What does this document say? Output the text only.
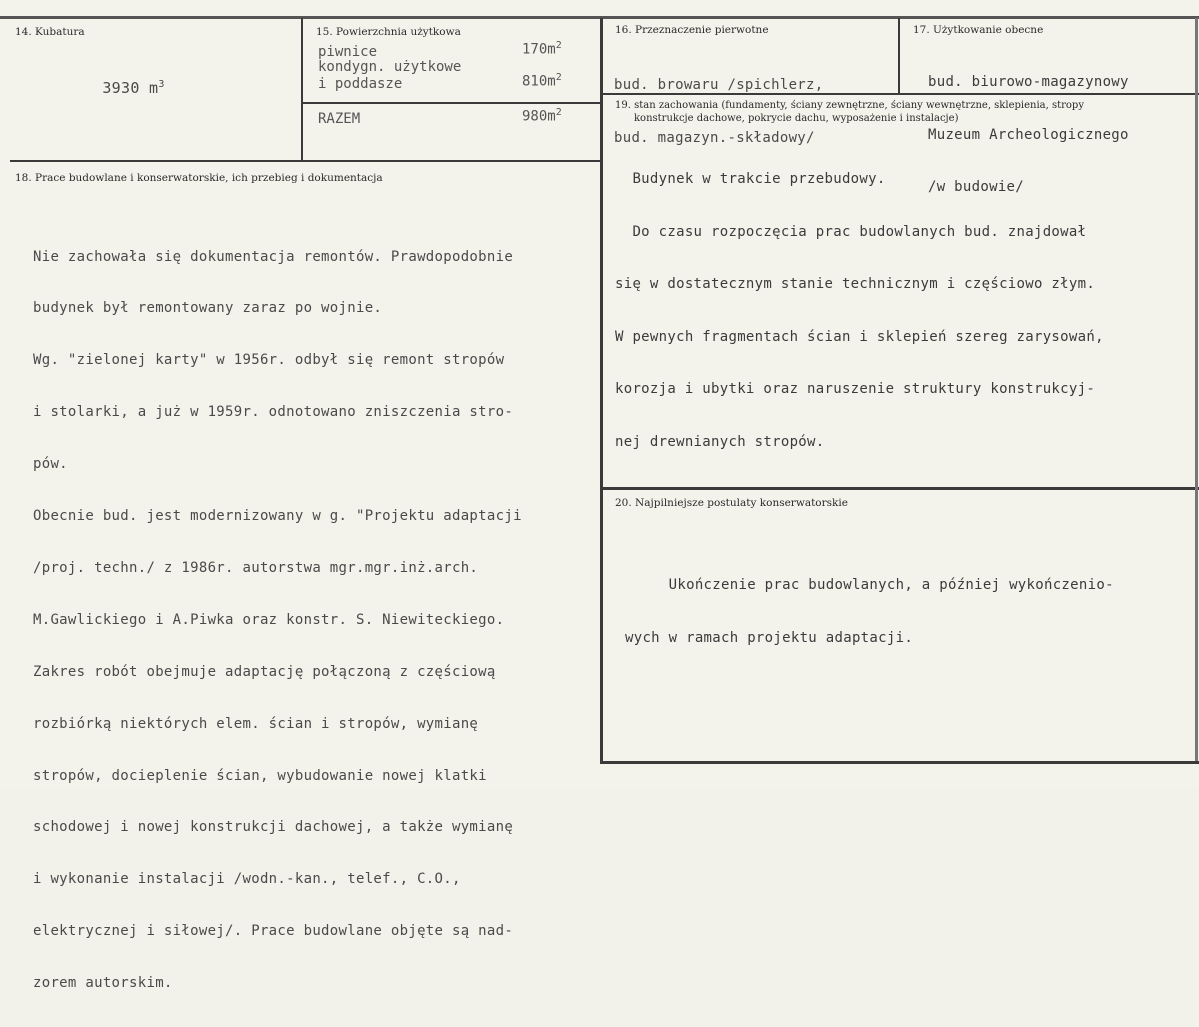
14. Kubatura

3930 $m^3$

15. Powierzchnia użytkowa
piwnice	$170m^2$
kondygn. użytkowe
i poddasze	$810m^2$
RAZEM	$980m^2$
16. Przeznaczenie pierwotne

bud. browaru /spichlerz,

bud. magazyn.-składowy/

17. Użytkowanie obecne

bud. biurowo-magazynowy

Muzeum Archeologicznego

/w budowie/

18. Prace budowlane i konserwatorskie, ich przebieg i dokumentacja

Nie zachowała się dokumentacja remontów. Prawdopodobnie

budynek był remontowany zaraz po wojnie.

Wg. "zielonej karty" w 1956r. odbył się remont stropów

i stolarki, a już w 1959r. odnotowano zniszczenia stro-

pów.

Obecnie bud. jest modernizowany w g. "Projektu adaptacji

/proj. techn./ z 1986r. autorstwa mgr.mgr.inż.arch.

M.Gawlickiego i A.Piwka oraz konstr. S. Niewiteckiego.

Zakres robót obejmuje adaptację połączoną z częściową

rozbiórką niektórych elem. ścian i stropów, wymianę

stropów, docieplenie ścian, wybudowanie nowej klatki

schodowej i nowej konstrukcji dachowej, a także wymianę

i wykonanie instalacji /wodn.-kan., telef., C.O.,

elektrycznej i siłowej/. Prace budowlane objęte są nad-

zorem autorskim.

19. stan zachowania (fundamenty, ściany zewnętrzne, ściany wewnętrzne, sklepienia, stropy
konstrukcje dachowe, pokrycie dachu, wyposażenie i instalacje)

Budynek w trakcie przebudowy.

Do czasu rozpoczęcia prac budowlanych bud. znajdował

się w dostatecznym stanie technicznym i częściowo złym.

W pewnych fragmentach ścian i sklepień szereg zarysowań,

korozja i ubytki oraz naruszenie struktury konstrukcyj-

nej drewnianych stropów.

20. Najpilniejsze postulaty konserwatorskie

Ukończenie prac budowlanych, a później wykończenio-

wych w ramach projektu adaptacji.
